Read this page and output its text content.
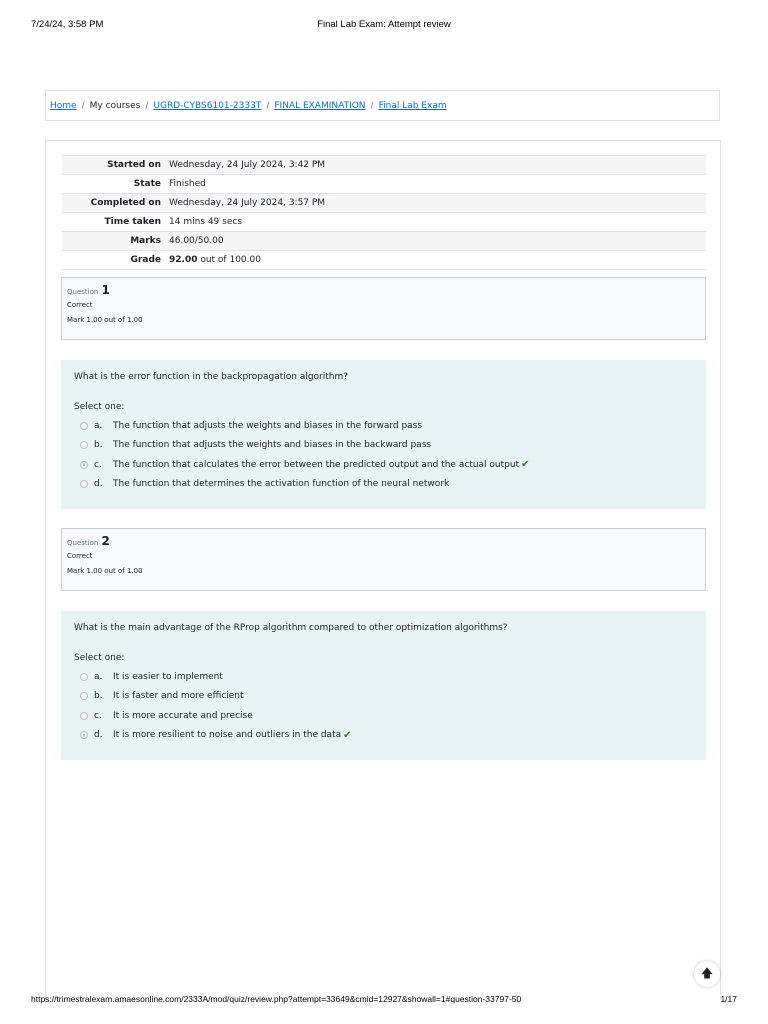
7/24/24, 3:58 PM	Final Lab Exam: Attempt review
Home / My courses / UGRD-CYBS6101-2333T / FINAL EXAMINATION / Final Lab Exam
Started on	Wednesday, 24 July 2024, 3:42 PM
State	Finished
Completed on	Wednesday, 24 July 2024, 3:57 PM
Time taken	14 mins 49 secs
Marks	46.00/50.00
Grade	92.00 out of 100.00
Question 1
Correct
Mark 1.00 out of 1.00
What is the error function in the backpropagation algorithm?
Select one:
a.	The function that adjusts the weights and biases in the forward pass
b.	The function that adjusts the weights and biases in the backward pass
c.	The function that calculates the error between the predicted output and the actual output ✔
d.	The function that determines the activation function of the neural network
Question 2
Correct
Mark 1.00 out of 1.00
What is the main advantage of the RProp algorithm compared to other optimization algorithms?
Select one:
a.	It is easier to implement
b.	It is faster and more efficient
c.	It is more accurate and precise
d.	It is more resilient to noise and outliers in the data ✔
🡅
https://trimestralexam.amaesonline.com/2333A/mod/quiz/review.php?attempt=33649&cmid=12927&showall=1#question-33797-50	1/17
